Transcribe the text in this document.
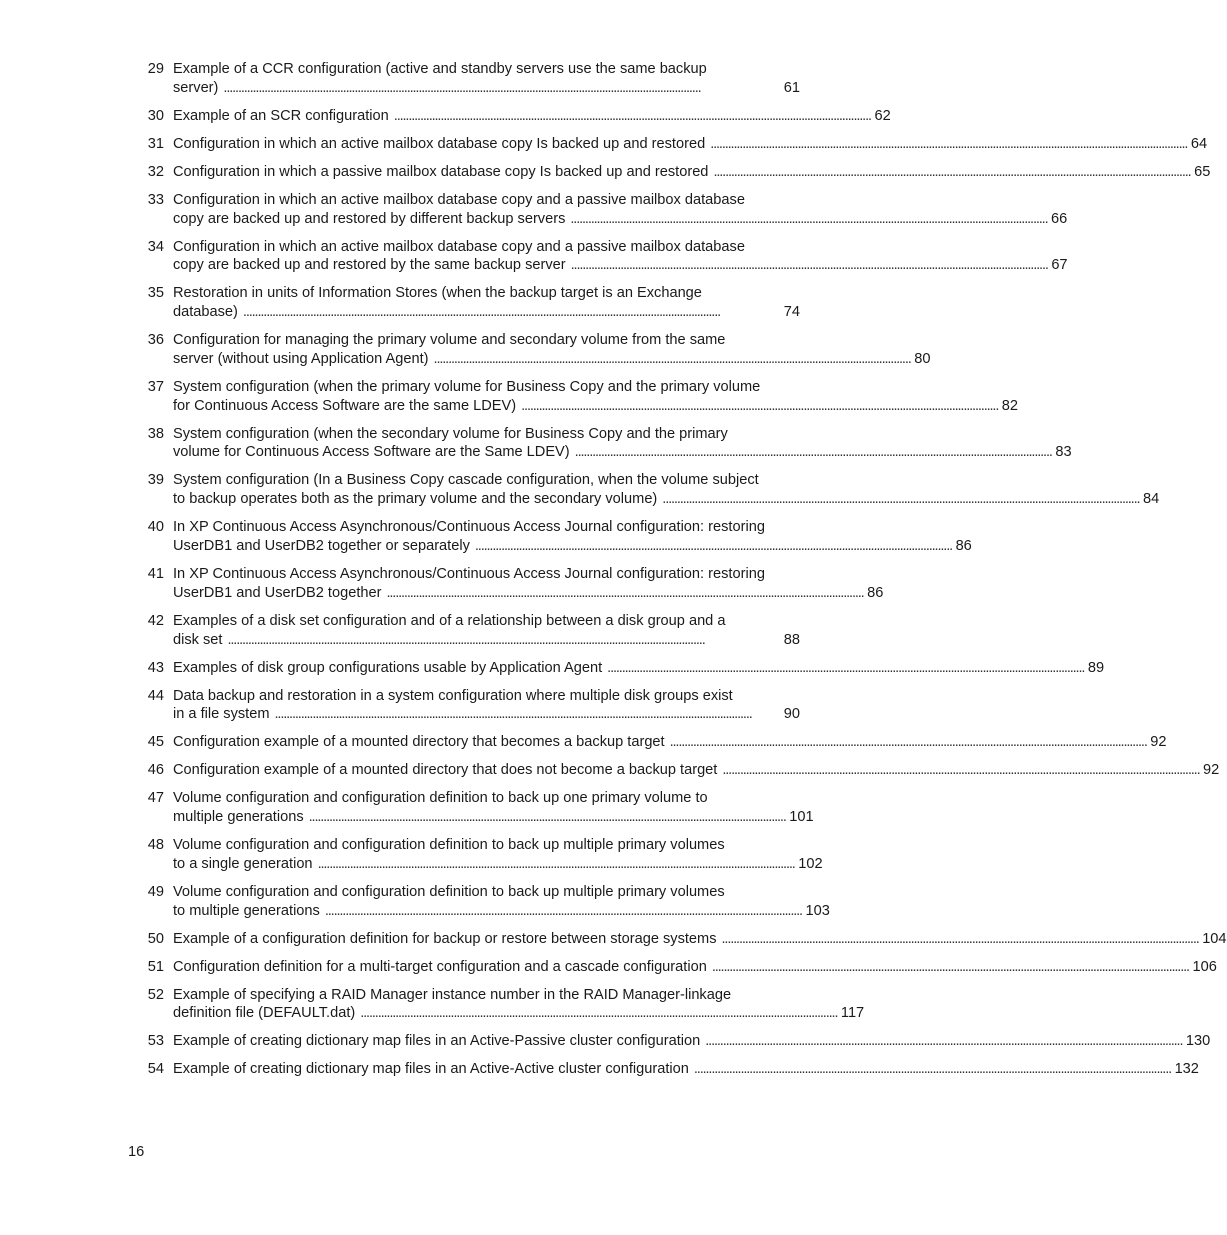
29 Example of a CCR configuration (active and standby servers use the same backup
server) . . .	61
30 Example of an SCR configuration . . .	62
31 Configuration in which an active mailbox database copy Is backed up and restored . . .	64
32 Configuration in which a passive mailbox database copy Is backed up and restored . . .	65
33 Configuration in which an active mailbox database copy and a passive mailbox database
copy are backed up and restored by different backup servers . . .	66
34 Configuration in which an active mailbox database copy and a passive mailbox database
copy are backed up and restored by the same backup server . . .	67
35 Restoration in units of Information Stores (when the backup target is an Exchange
database) . . .	74
36 Configuration for managing the primary volume and secondary volume from the same
server (without using Application Agent) . . .	80
37 System configuration (when the primary volume for Business Copy and the primary volume
for Continuous Access Software are the same LDEV) . . .	82
38 System configuration (when the secondary volume for Business Copy and the primary
volume for Continuous Access Software are the Same LDEV) . . .	83
39 System configuration (In a Business Copy cascade configuration, when the volume subject
to backup operates both as the primary volume and the secondary volume) . . .	84
40 In XP Continuous Access Asynchronous/Continuous Access Journal configuration: restoring
UserDB1 and UserDB2 together or separately . . .	86
41 In XP Continuous Access Asynchronous/Continuous Access Journal configuration: restoring
UserDB1 and UserDB2 together . . .	86
42 Examples of a disk set configuration and of a relationship between a disk group and a
disk set . . .	88
43 Examples of disk group configurations usable by Application Agent . . .	89
44 Data backup and restoration in a system configuration where multiple disk groups exist
in a file system . . .	90
45 Configuration example of a mounted directory that becomes a backup target . . .	92
46 Configuration example of a mounted directory that does not become a backup target . . .	92
47 Volume configuration and configuration definition to back up one primary volume to
multiple generations . . .	101
48 Volume configuration and configuration definition to back up multiple primary volumes
to a single generation . . .	102
49 Volume configuration and configuration definition to back up multiple primary volumes
to multiple generations . . .	103
50 Example of a configuration definition for backup or restore between storage systems . . .	104
51 Configuration definition for a multi-target configuration and a cascade configuration . . .	106
52 Example of specifying a RAID Manager instance number in the RAID Manager-linkage
definition file (DEFAULT.dat) . . .	117
53 Example of creating dictionary map files in an Active-Passive cluster configuration . . .	130
54 Example of creating dictionary map files in an Active-Active cluster configuration . . .	132
16
